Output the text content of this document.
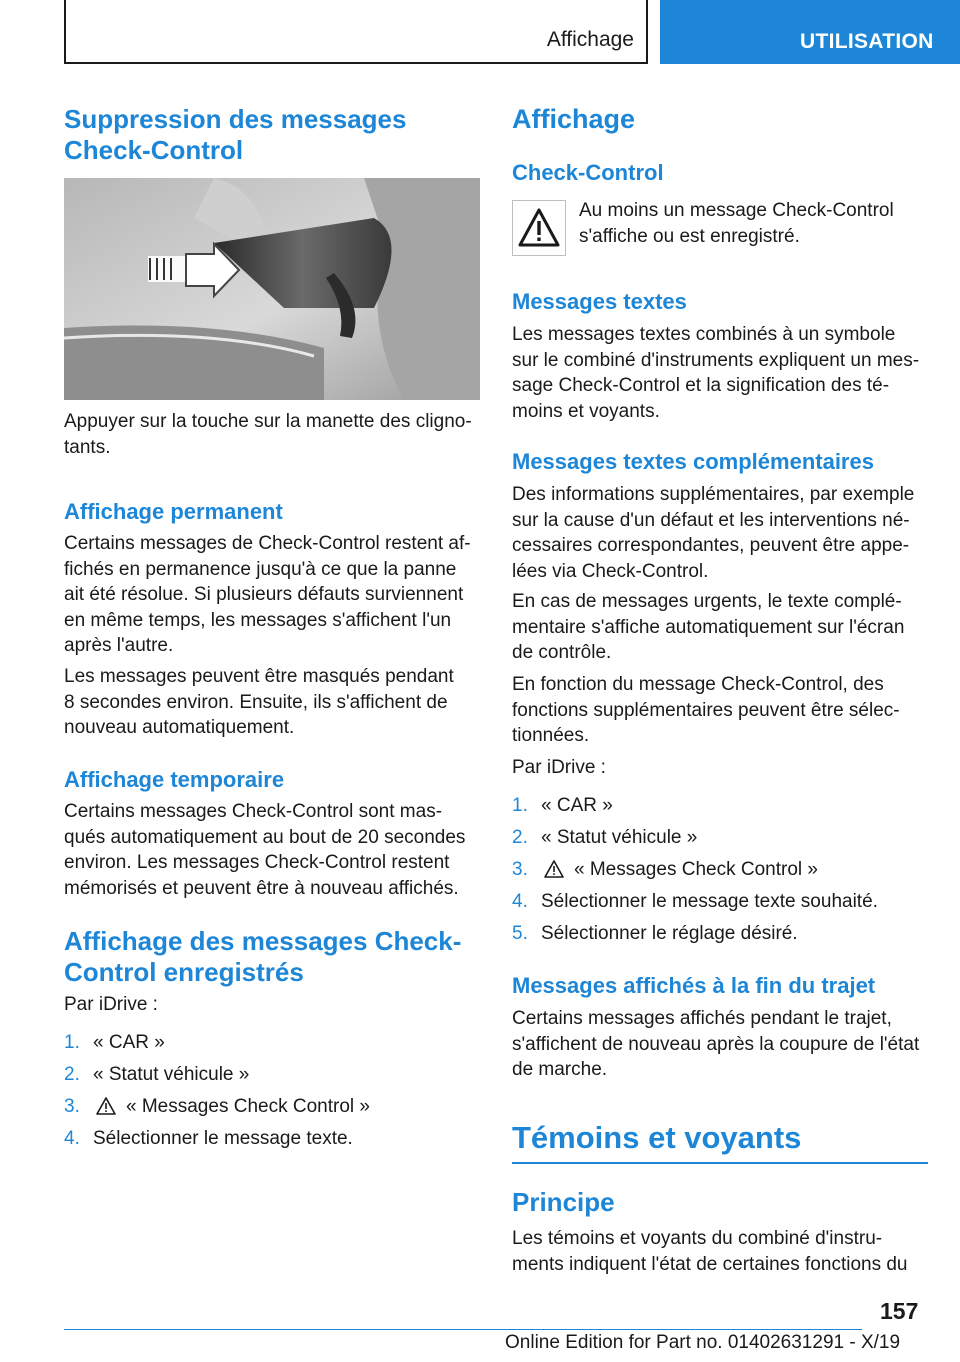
Affichage	UTILISATION
Suppression des messages
Check-Control
Appuyer sur la touche sur la manette des cligno-
tants.
Affichage permanent
Certains messages de Check-Control restent af-
fichés en permanence jusqu'à ce que la panne
ait été résolue. Si plusieurs défauts surviennent
en même temps, les messages s'affichent l'un
après l'autre.
Les messages peuvent être masqués pendant
8 secondes environ. Ensuite, ils s'affichent de
nouveau automatiquement.
Affichage temporaire
Certains messages Check-Control sont mas-
qués automatiquement au bout de 20 secondes
environ. Les messages Check-Control restent
mémorisés et peuvent être à nouveau affichés.
Affichage des messages Check-
Control enregistrés
Par iDrive :
1. « CAR »
2. « Statut véhicule »
3. « Messages Check Control »
4. Sélectionner le message texte.
Affichage
Check-Control
Au moins un message Check-Control
s'affiche ou est enregistré.
Messages textes
Les messages textes combinés à un symbole
sur le combiné d'instruments expliquent un mes-
sage Check-Control et la signification des té-
moins et voyants.
Messages textes complémentaires
Des informations supplémentaires, par exemple
sur la cause d'un défaut et les interventions né-
cessaires correspondantes, peuvent être appe-
lées via Check-Control.
En cas de messages urgents, le texte complé-
mentaire s'affiche automatiquement sur l'écran
de contrôle.
En fonction du message Check-Control, des
fonctions supplémentaires peuvent être sélec-
tionnées.
Par iDrive :
1. « CAR »
2. « Statut véhicule »
3. « Messages Check Control »
4. Sélectionner le message texte souhaité.
5. Sélectionner le réglage désiré.
Messages affichés à la fin du trajet
Certains messages affichés pendant le trajet,
s'affichent de nouveau après la coupure de l'état
de marche.
Témoins et voyants
Principe
Les témoins et voyants du combiné d'instru-
ments indiquent l'état de certaines fonctions du
157
Online Edition for Part no. 01402631291 - X/19
